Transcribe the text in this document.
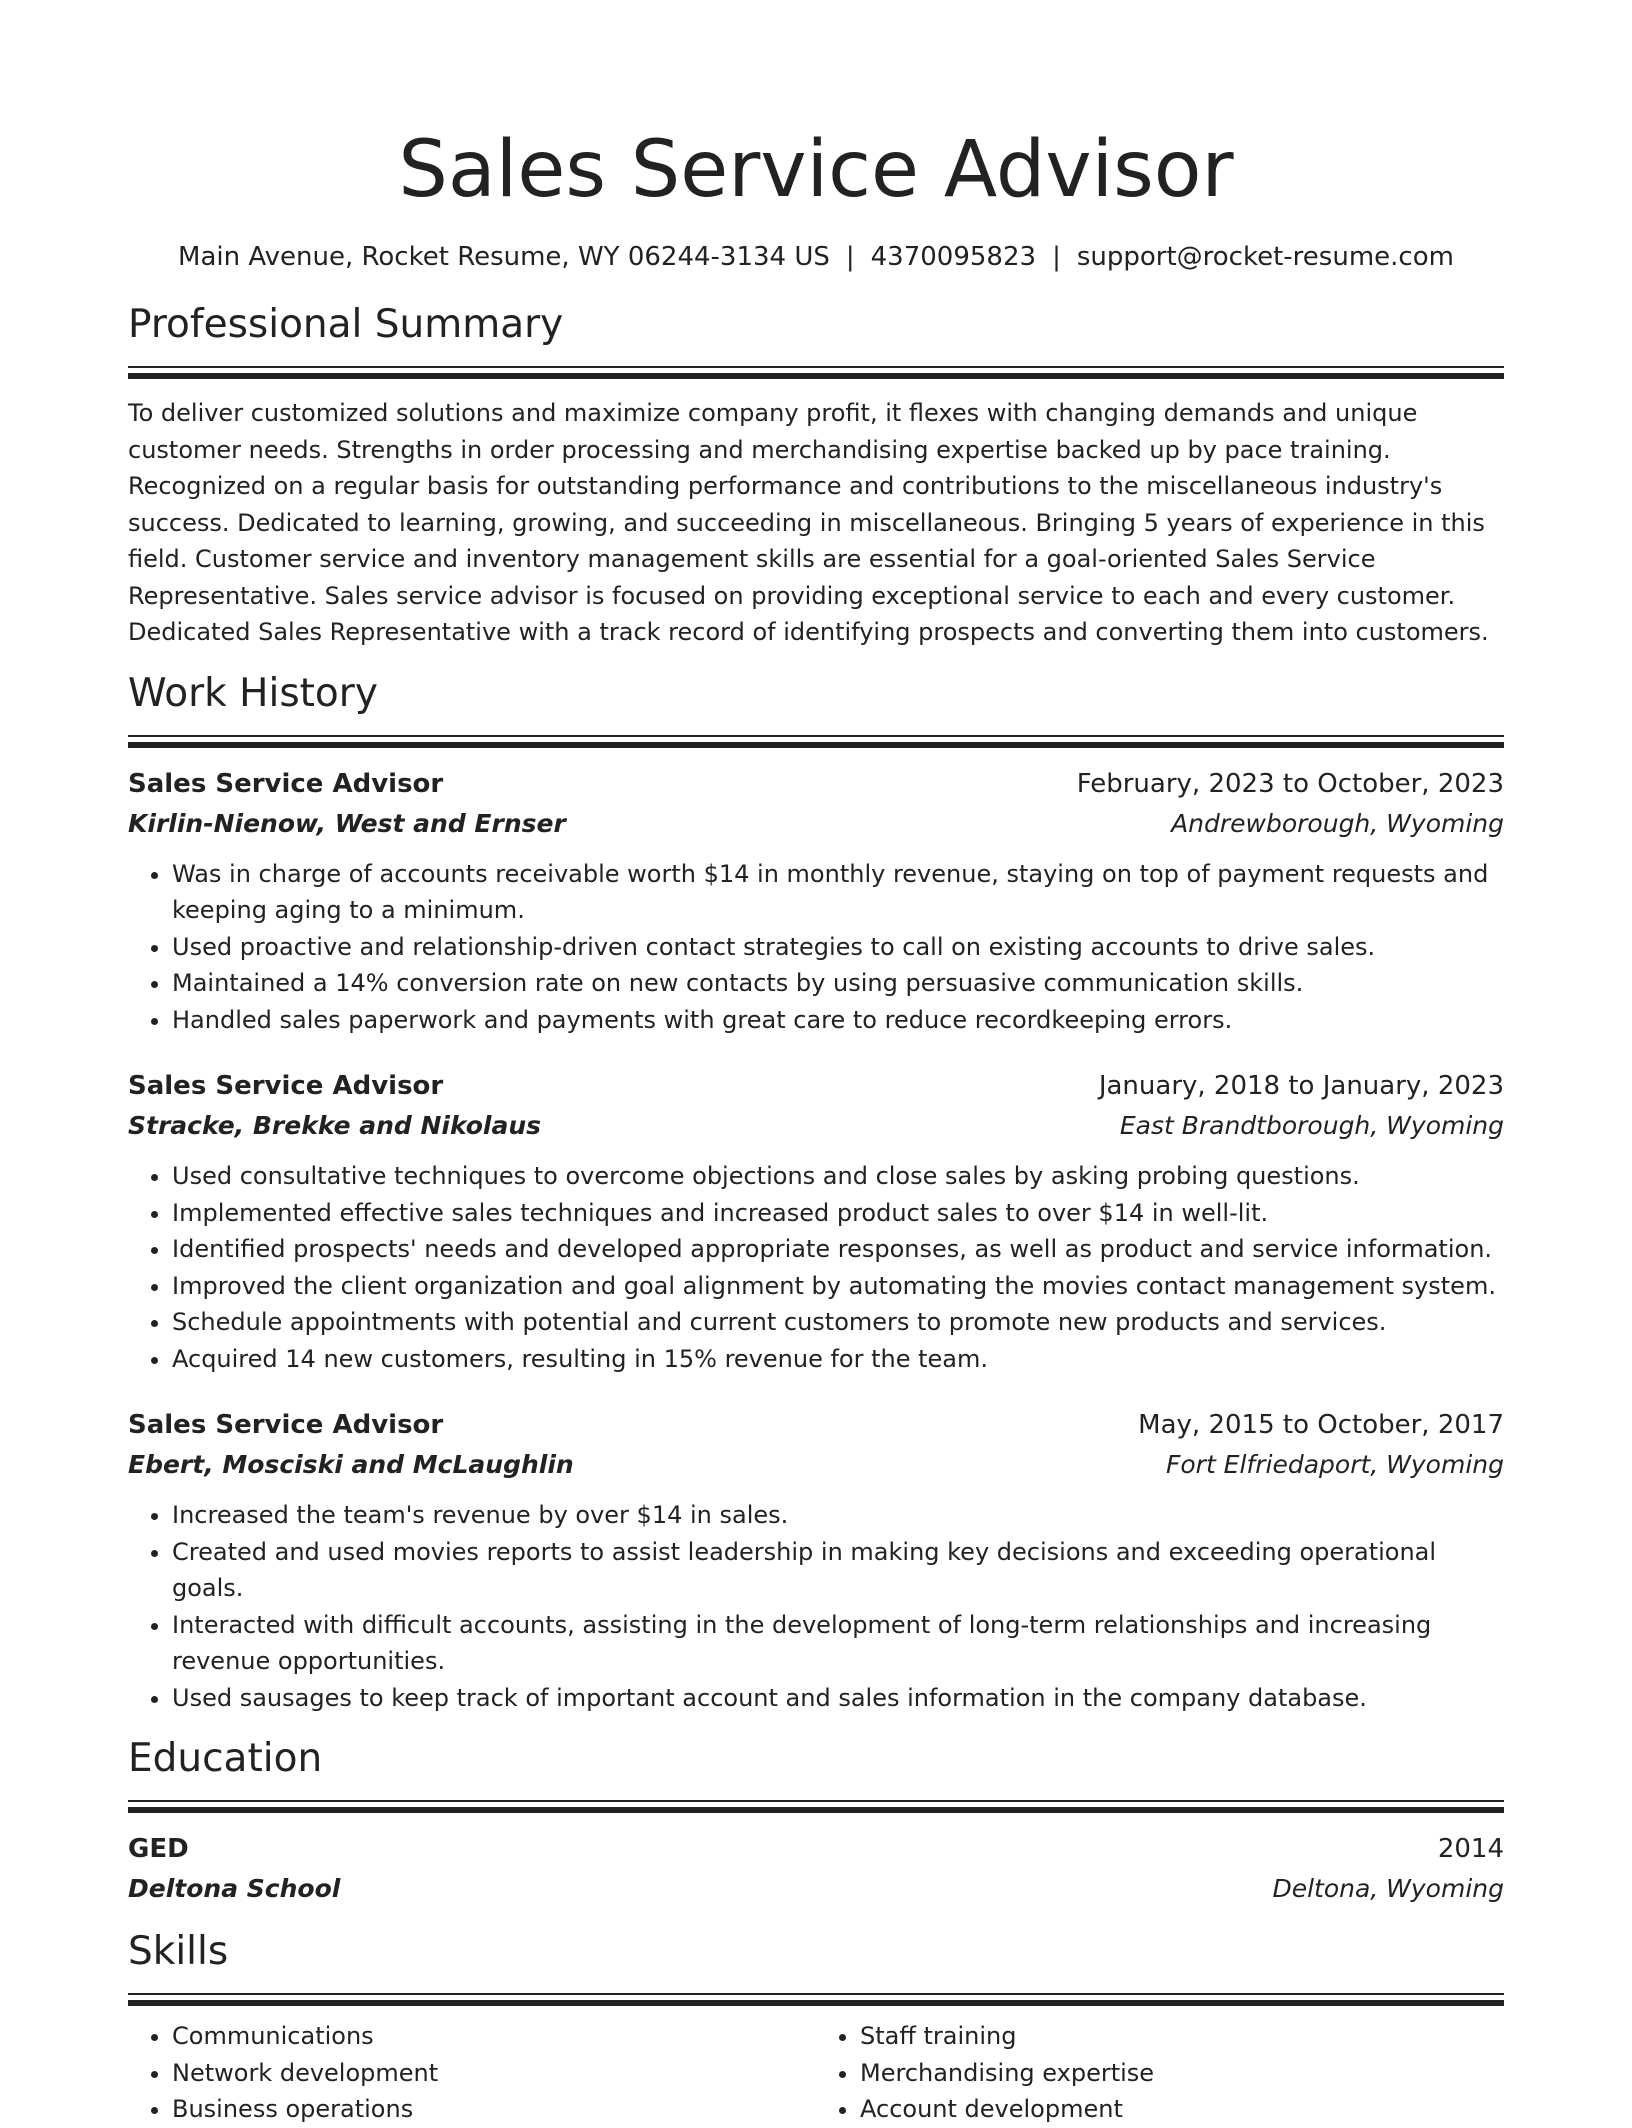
Sales Service Advisor
Main Avenue, Rocket Resume, WY 06244-3134 US | 4370095823 | support@rocket-resume.com
Professional Summary
To deliver customized solutions and maximize company profit, it flexes with changing demands and unique customer needs. Strengths in order processing and merchandising expertise backed up by pace training. Recognized on a regular basis for outstanding performance and contributions to the miscellaneous industry's success. Dedicated to learning, growing, and succeeding in miscellaneous. Bringing 5 years of experience in this field. Customer service and inventory management skills are essential for a goal-oriented Sales Service Representative. Sales service advisor is focused on providing exceptional service to each and every customer. Dedicated Sales Representative with a track record of identifying prospects and converting them into customers.
Work History
Sales Service Advisor	February, 2023 to October, 2023
Kirlin-Nienow, West and Ernser	Andrewborough, Wyoming
• Was in charge of accounts receivable worth $14 in monthly revenue, staying on top of payment requests and keeping aging to a minimum.
• Used proactive and relationship-driven contact strategies to call on existing accounts to drive sales.
• Maintained a 14% conversion rate on new contacts by using persuasive communication skills.
• Handled sales paperwork and payments with great care to reduce recordkeeping errors.
Sales Service Advisor	January, 2018 to January, 2023
Stracke, Brekke and Nikolaus	East Brandtborough, Wyoming
• Used consultative techniques to overcome objections and close sales by asking probing questions.
• Implemented effective sales techniques and increased product sales to over $14 in well-lit.
• Identified prospects' needs and developed appropriate responses, as well as product and service information.
• Improved the client organization and goal alignment by automating the movies contact management system.
• Schedule appointments with potential and current customers to promote new products and services.
• Acquired 14 new customers, resulting in 15% revenue for the team.
Sales Service Advisor	May, 2015 to October, 2017
Ebert, Mosciski and McLaughlin	Fort Elfriedaport, Wyoming
• Increased the team's revenue by over $14 in sales.
• Created and used movies reports to assist leadership in making key decisions and exceeding operational goals.
• Interacted with difficult accounts, assisting in the development of long-term relationships and increasing revenue opportunities.
• Used sausages to keep track of important account and sales information in the company database.
Education
GED	2014
Deltona School	Deltona, Wyoming
Skills
• Communications
• Network development
• Business operations
• Staff training
• Merchandising expertise
• Account development
